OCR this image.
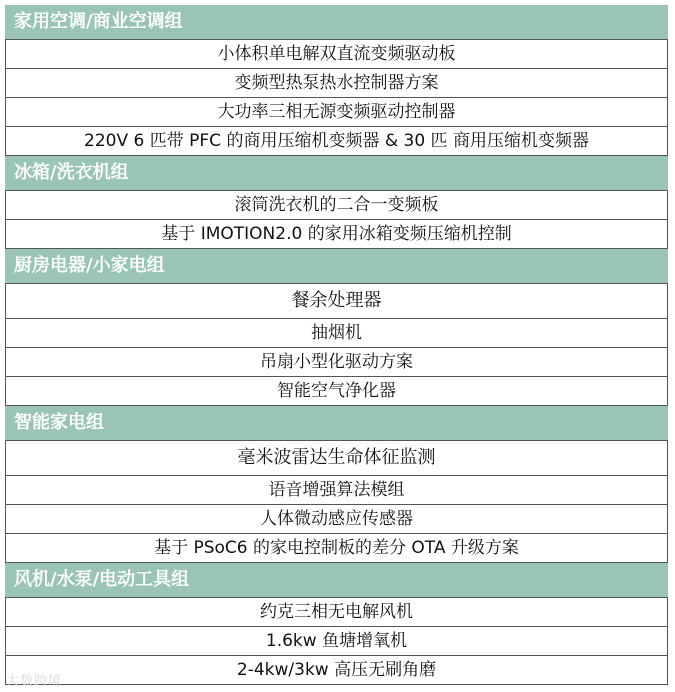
家用空调/商业空调组
小体积单电解双直流变频驱动板
变频型热泵热水控制器方案
大功率三相无源变频驱动控制器
220V 6 匹带 PFC 的商用压缩机变频器 & 30 匹 商用压缩机变频器
冰箱/洗衣机组
滚筒洗衣机的二合一变频板
基于 IMOTION2.0 的家用冰箱变频压缩机控制
厨房电器/小家电组
餐余处理器
抽烟机
吊扇小型化驱动方案
智能空气净化器
智能家电组
毫米波雷达生命体征监测
语音增强算法模组
人体微动感应传感器
基于 PSoC6 的家电控制板的差分 OTA 升级方案
风机/水泵/电动工具组
约克三相无电解风机
1.6kw 鱼塘增氧机
2-4kw/3kw 高压无刷角磨
大数跨境
